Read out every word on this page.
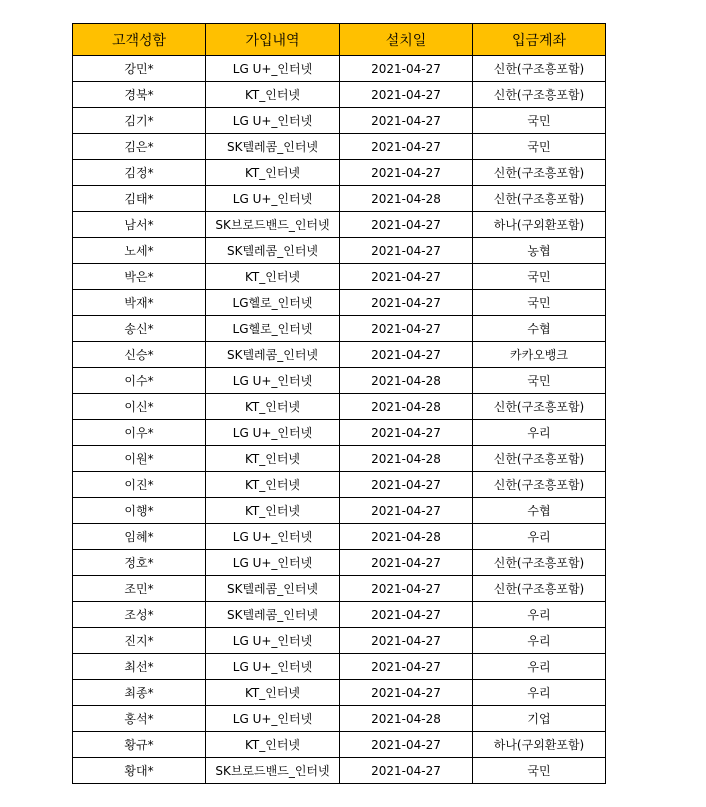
고객성함	가입내역	설치일	입금계좌
강민*	LG U+_인터넷	2021-04-27	신한(구조흥포함)
경북*	KT_인터넷	2021-04-27	신한(구조흥포함)
김기*	LG U+_인터넷	2021-04-27	국민
김은*	SK텔레콤_인터넷	2021-04-27	국민
김정*	KT_인터넷	2021-04-27	신한(구조흥포함)
김태*	LG U+_인터넷	2021-04-28	신한(구조흥포함)
남서*	SK브로드밴드_인터넷	2021-04-27	하나(구외환포함)
노세*	SK텔레콤_인터넷	2021-04-27	농협
박은*	KT_인터넷	2021-04-27	국민
박재*	LG헬로_인터넷	2021-04-27	국민
송신*	LG헬로_인터넷	2021-04-27	수협
신승*	SK텔레콤_인터넷	2021-04-27	카카오뱅크
이수*	LG U+_인터넷	2021-04-28	국민
이신*	KT_인터넷	2021-04-28	신한(구조흥포함)
이우*	LG U+_인터넷	2021-04-27	우리
이원*	KT_인터넷	2021-04-28	신한(구조흥포함)
이진*	KT_인터넷	2021-04-27	신한(구조흥포함)
이행*	KT_인터넷	2021-04-27	수협
임혜*	LG U+_인터넷	2021-04-28	우리
정호*	LG U+_인터넷	2021-04-27	신한(구조흥포함)
조민*	SK텔레콤_인터넷	2021-04-27	신한(구조흥포함)
조성*	SK텔레콤_인터넷	2021-04-27	우리
진지*	LG U+_인터넷	2021-04-27	우리
최선*	LG U+_인터넷	2021-04-27	우리
최종*	KT_인터넷	2021-04-27	우리
홍석*	LG U+_인터넷	2021-04-28	기업
황규*	KT_인터넷	2021-04-27	하나(구외환포함)
황대*	SK브로드밴드_인터넷	2021-04-27	국민
